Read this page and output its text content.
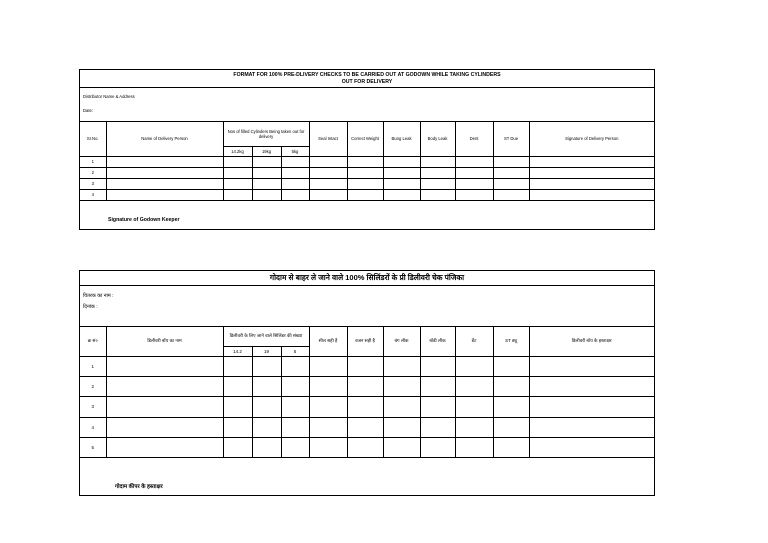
FORMAT FOR 100% PRE-DLIVERY CHECKS TO BE CARRIED OUT AT GODOWN WHILE TAKING CYLINDERS
OUT FOR DELIVERY
Distributor Name & Address
Date:
Sr.No.	Name of Delivery Person	Nos of filled Cylinders Being taken out for delivery			Seal Intact	Correct Weight	Bung Leak	Body Leak	Dent	ST Due	Signature of Delivery Person
		14.2kg	19kg	5kg							
1											
2											
3											
4											
Signature of Godown Keeper
गोदाम से बाहर ले जाने वाले 100% सिलिंडरों के प्री डिलीवरी चेक पंजिका
वितरक का नाम :
दिनांक :
क्र सं०	डिलीवरी बॉय का नाम	डिलीवरी के लिए जाने वाले सिलिंडर की संख्या			सील सही है	वजन सही है	बंग लीक	बॉडी लीक	डेंट	ST ड्यू	डिलीवरी बॉय के हस्ताक्षर
		14.2	19	5							
1											
2											
3											
4											
5											
गोदाम कीपर के हस्ताक्षर
